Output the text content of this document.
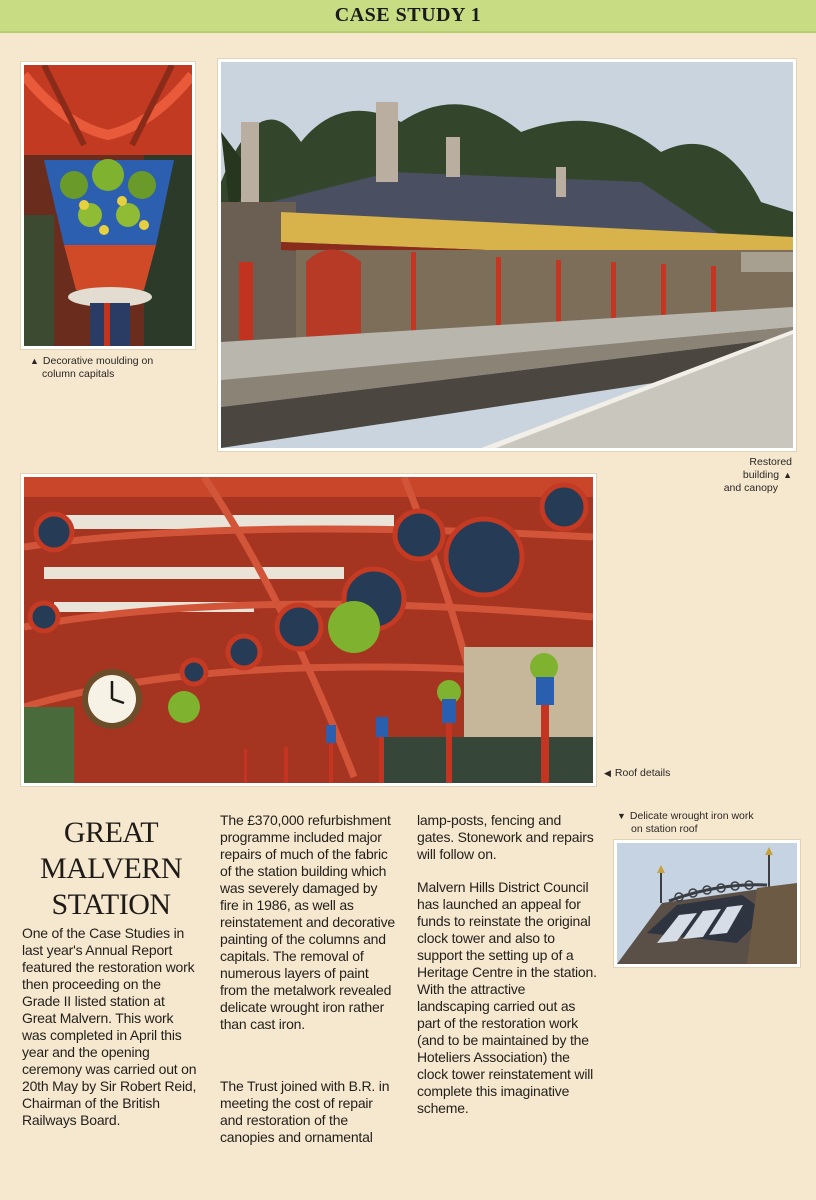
CASE STUDY 1
▲ Decorative moulding on
column capitals
Restored building ▲
and canopy
◀ Roof details
▼ Delicate wrought iron work
on station roof
GREAT
MALVERN
STATION

One of the Case Studies in last year's Annual Report featured the restoration work then proceeding on the Grade II listed station at Great Malvern. This work was completed in April this year and the opening ceremony was carried out on 20th May by Sir Robert Reid, Chairman of the British Railways Board.

The £370,000 refurbishment programme included major repairs of much of the fabric of the station building which was severely damaged by fire in 1986, as well as reinstatement and decorative painting of the columns and capitals. The removal of numerous layers of paint from the metalwork revealed delicate wrought iron rather than cast iron.

The Trust joined with B.R. in meeting the cost of repair and restoration of the canopies and ornamental

lamp-posts, fencing and gates. Stonework and repairs will follow on.

Malvern Hills District Council has launched an appeal for funds to reinstate the original clock tower and also to support the setting up of a Heritage Centre in the station. With the attractive landscaping carried out as part of the restoration work (and to be maintained by the Hoteliers Association) the clock tower reinstatement will complete this imaginative scheme.
